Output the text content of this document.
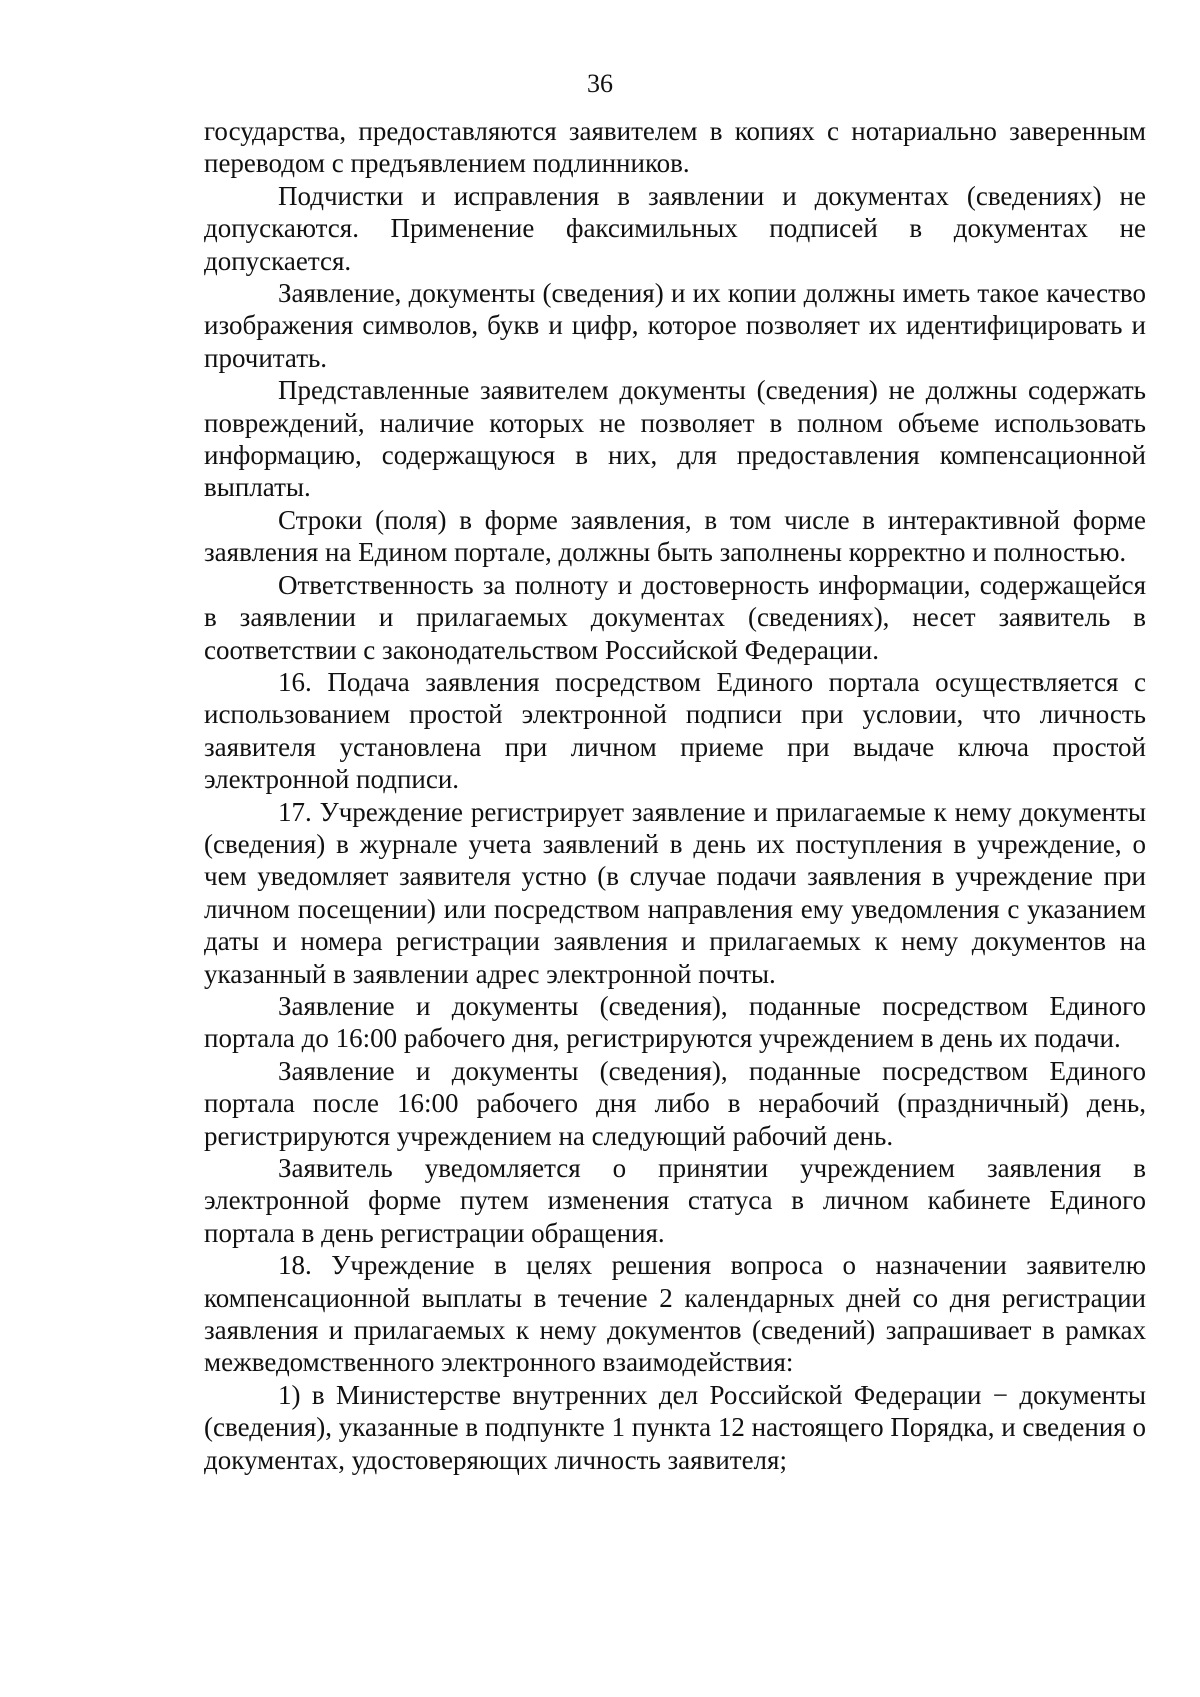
36

государства, предоставляются заявителем в копиях с нотариально заверенным переводом с предъявлением подлинников.

Подчистки и исправления в заявлении и документах (сведениях) не допускаются. Применение факсимильных подписей в документах не допускается.

Заявление, документы (сведения) и их копии должны иметь такое качество изображения символов, букв и цифр, которое позволяет их идентифицировать и прочитать.

Представленные заявителем документы (сведения) не должны содержать повреждений, наличие которых не позволяет в полном объеме использовать информацию, содержащуюся в них, для предоставления компенсационной выплаты.

Строки (поля) в форме заявления, в том числе в интерактивной форме заявления на Едином портале, должны быть заполнены корректно и полностью.

Ответственность за полноту и достоверность информации, содержащейся в заявлении и прилагаемых документах (сведениях), несет заявитель в соответствии с законодательством Российской Федерации.

16. Подача заявления посредством Единого портала осуществляется с использованием простой электронной подписи при условии, что личность заявителя установлена при личном приеме при выдаче ключа простой электронной подписи.

17. Учреждение регистрирует заявление и прилагаемые к нему документы (сведения) в журнале учета заявлений в день их поступления в учреждение, о чем уведомляет заявителя устно (в случае подачи заявления в учреждение при личном посещении) или посредством направления ему уведомления с указанием даты и номера регистрации заявления и прилагаемых к нему документов на указанный в заявлении адрес электронной почты.

Заявление и документы (сведения), поданные посредством Единого портала до 16:00 рабочего дня, регистрируются учреждением в день их подачи.

Заявление и документы (сведения), поданные посредством Единого портала после 16:00 рабочего дня либо в нерабочий (праздничный) день, регистрируются учреждением на следующий рабочий день.

Заявитель уведомляется о принятии учреждением заявления в электронной форме путем изменения статуса в личном кабинете Единого портала в день регистрации обращения.

18. Учреждение в целях решения вопроса о назначении заявителю компенсационной выплаты в течение 2 календарных дней со дня регистрации заявления и прилагаемых к нему документов (сведений) запрашивает в рамках межведомственного электронного взаимодействия:

1) в Министерстве внутренних дел Российской Федерации − документы (сведения), указанные в подпункте 1 пункта 12 настоящего Порядка, и сведения о документах, удостоверяющих личность заявителя;
